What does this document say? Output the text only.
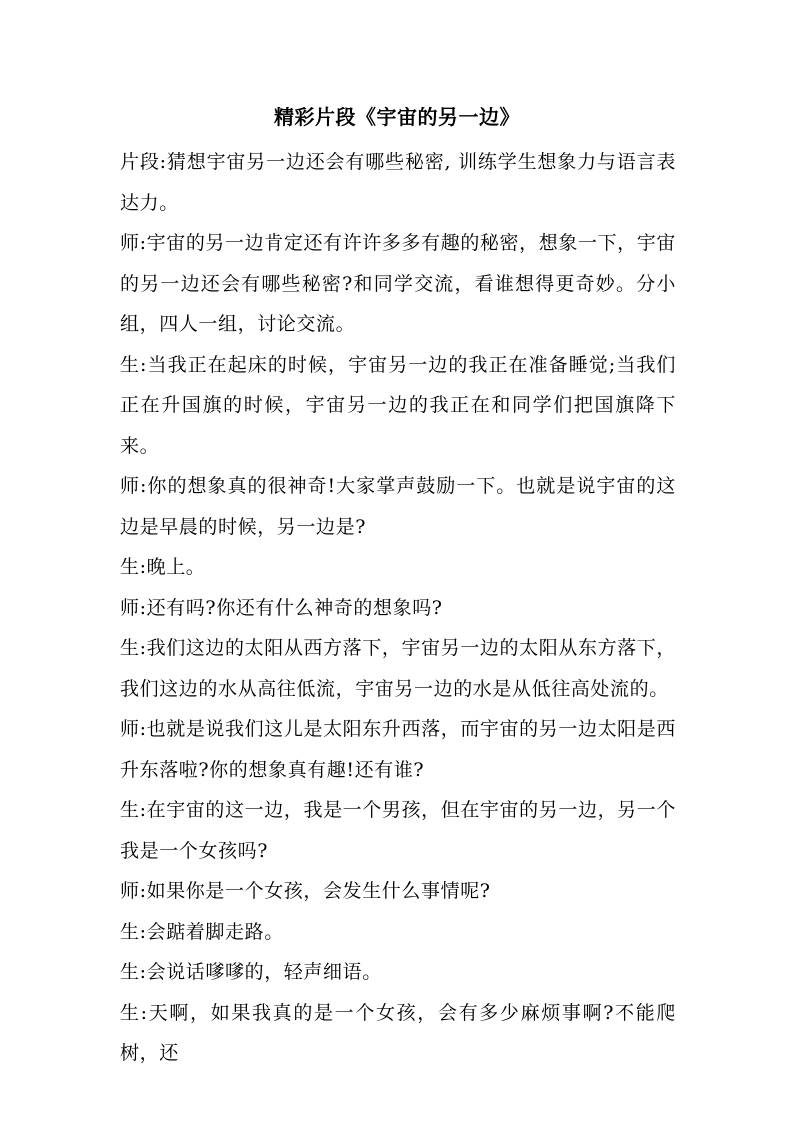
精彩片段《宇宙的另一边》

片段:猜想宇宙另一边还会有哪些秘密, 训练学生想象力与语言表达力。

师:宇宙的另一边肯定还有许许多多有趣的秘密，想象一下，宇宙的另一边还会有哪些秘密?和同学交流，看谁想得更奇妙。分小组，四人一组，讨论交流。

生:当我正在起床的时候，宇宙另一边的我正在准备睡觉;当我们正在升国旗的时候，宇宙另一边的我正在和同学们把国旗降下来。

师:你的想象真的很神奇!大家掌声鼓励一下。也就是说宇宙的这边是早晨的时候，另一边是?

生:晚上。

师:还有吗?你还有什么神奇的想象吗?

生:我们这边的太阳从西方落下，宇宙另一边的太阳从东方落下，我们这边的水从高往低流，宇宙另一边的水是从低往高处流的。

师:也就是说我们这儿是太阳东升西落，而宇宙的另一边太阳是西升东落啦?你的想象真有趣!还有谁?

生:在宇宙的这一边，我是一个男孩，但在宇宙的另一边，另一个我是一个女孩吗?

师:如果你是一个女孩，会发生什么事情呢?

生:会踮着脚走路。

生:会说话嗲嗲的，轻声细语。

生:天啊，如果我真的是一个女孩，会有多少麻烦事啊?不能爬树，还
